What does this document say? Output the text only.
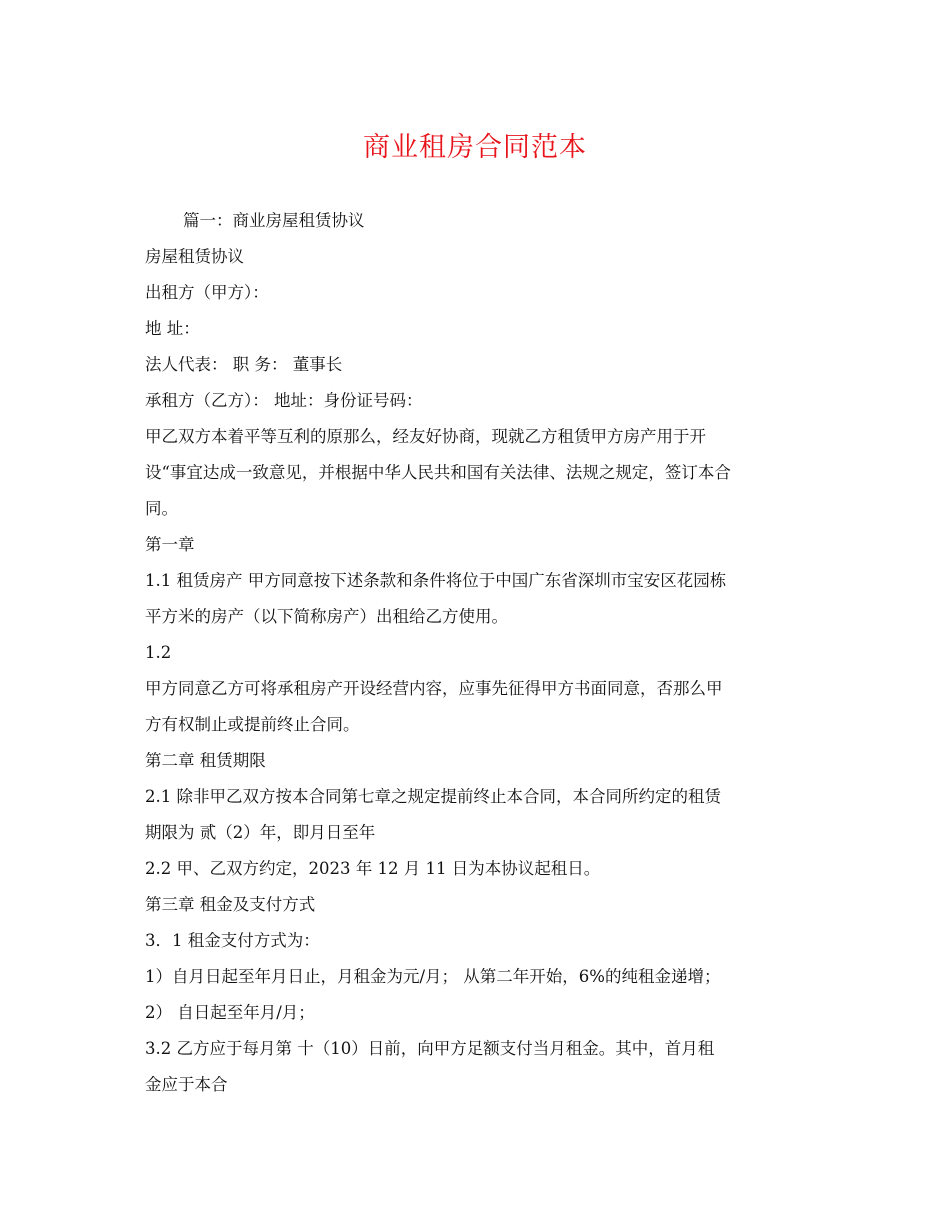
商业租房合同范本
篇一：商业房屋租赁协议
房屋租赁协议
出租方（甲方）：
地 址：
法人代表： 职 务： 董事长
承租方（乙方）： 地址：身份证号码：
甲乙双方本着平等互利的原那么，经友好协商，现就乙方租赁甲方房产用于开
设“事宜达成一致意见，并根据中华人民共和国有关法律、法规之规定，签订本合
同。
第一章
1.1 租赁房产 甲方同意按下述条款和条件将位于中国广东省深圳市宝安区花园栋
平方米的房产（以下简称房产）出租给乙方使用。
1.2
甲方同意乙方可将承租房产开设经营内容，应事先征得甲方书面同意，否那么甲
方有权制止或提前终止合同。
第二章 租赁期限
2.1 除非甲乙双方按本合同第七章之规定提前终止本合同，本合同所约定的租赁
期限为 贰（2）年，即月日至年
2.2 甲、乙双方约定，2023 年 12 月 11 日为本协议起租日。
第三章 租金及支付方式
3．1 租金支付方式为：
1）自月日起至年月日止，月租金为元/月； 从第二年开始，6%的纯租金递增；
2） 自日起至年月/月；
3.2 乙方应于每月第 十（10）日前，向甲方足额支付当月租金。其中，首月租
金应于本合
